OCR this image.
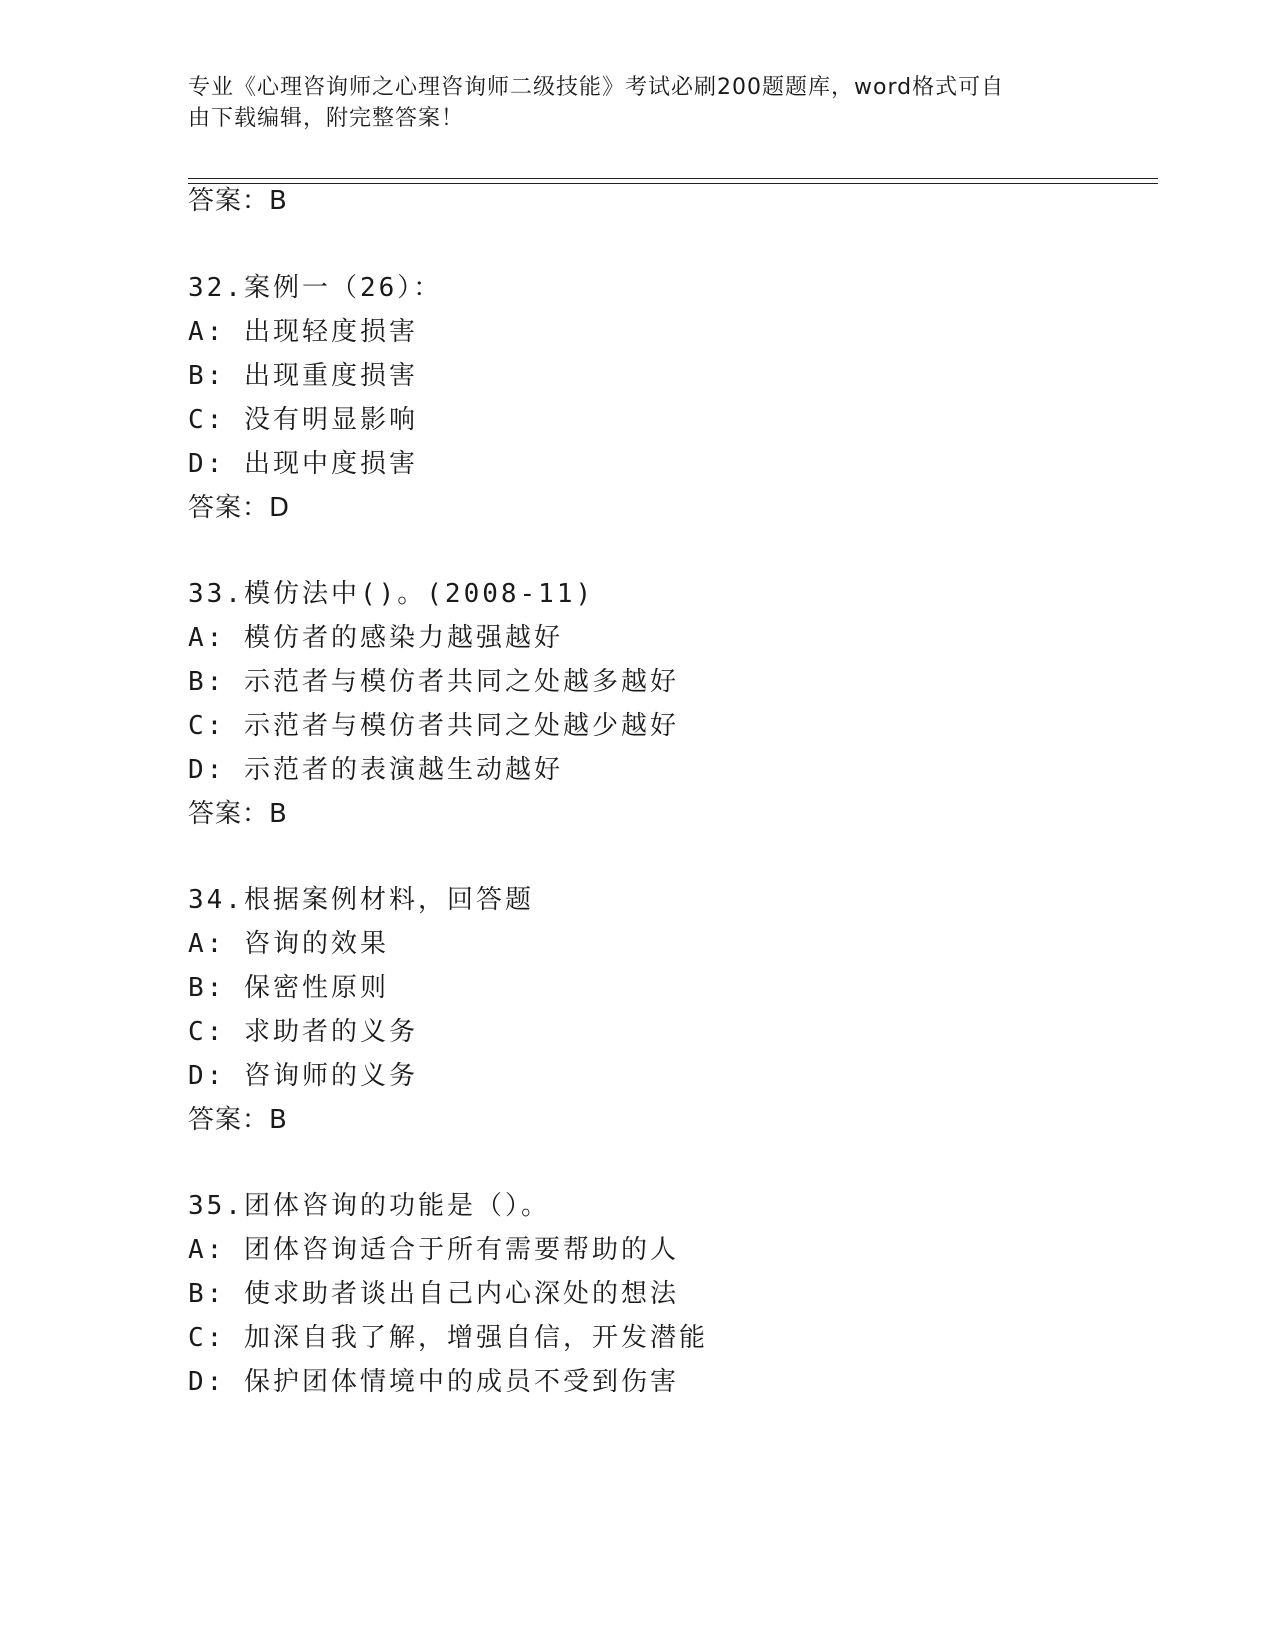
专业《心理咨询师之心理咨询师二级技能》考试必刷200题题库，word格式可自
由下载编辑，附完整答案！
答案：B
32.案例一（26）：
A: 出现轻度损害
B: 出现重度损害
C: 没有明显影响
D: 出现中度损害
答案：D
33.模仿法中()。(2008-11)
A: 模仿者的感染力越强越好
B: 示范者与模仿者共同之处越多越好
C: 示范者与模仿者共同之处越少越好
D: 示范者的表演越生动越好
答案：B
34.根据案例材料，回答题
A: 咨询的效果
B: 保密性原则
C: 求助者的义务
D: 咨询师的义务
答案：B
35.团体咨询的功能是（）。
A: 团体咨询适合于所有需要帮助的人
B: 使求助者谈出自己内心深处的想法
C: 加深自我了解，增强自信，开发潜能
D: 保护团体情境中的成员不受到伤害
